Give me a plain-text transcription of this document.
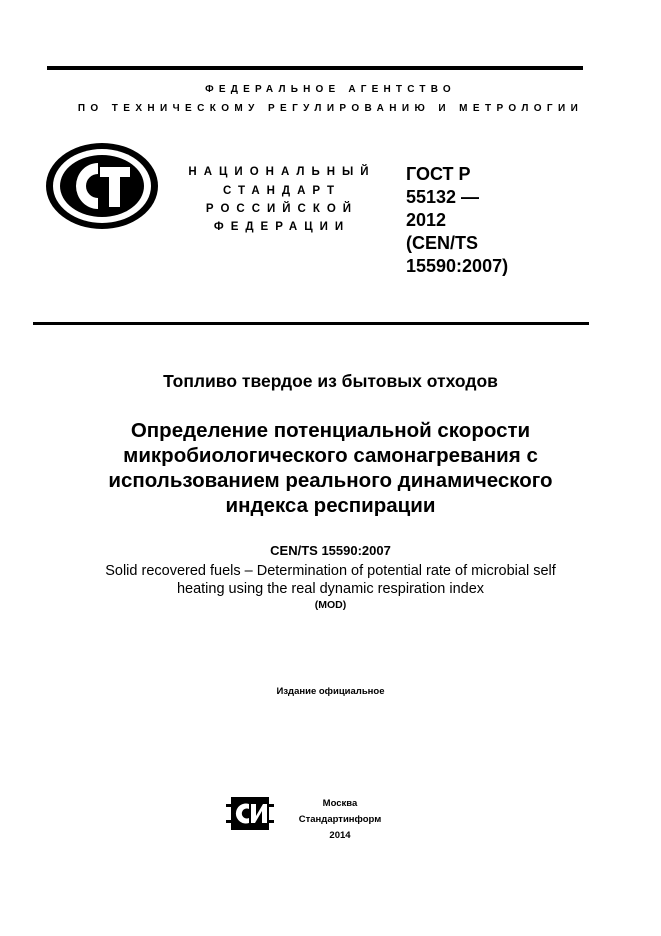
ФЕДЕРАЛЬНОЕ АГЕНТСТВО
ПО ТЕХНИЧЕСКОМУ РЕГУЛИРОВАНИЮ И МЕТРОЛОГИИ
НАЦИОНАЛЬНЫЙ
СТАНДАРТ
РОССИЙСКОЙ
ФЕДЕРАЦИИ
ГОСТ Р
55132 —
2012
(CEN/TS
15590:2007)
Топливо твердое из бытовых отходов
Определение потенциальной скорости
микробиологического самонагревания с
использованием реального динамического
индекса респирации
CEN/TS 15590:2007
Solid recovered fuels – Determination of potential rate of microbial self
heating using the real dynamic respiration index
(MOD)
Издание официальное
Москва
Стандартинформ
2014
